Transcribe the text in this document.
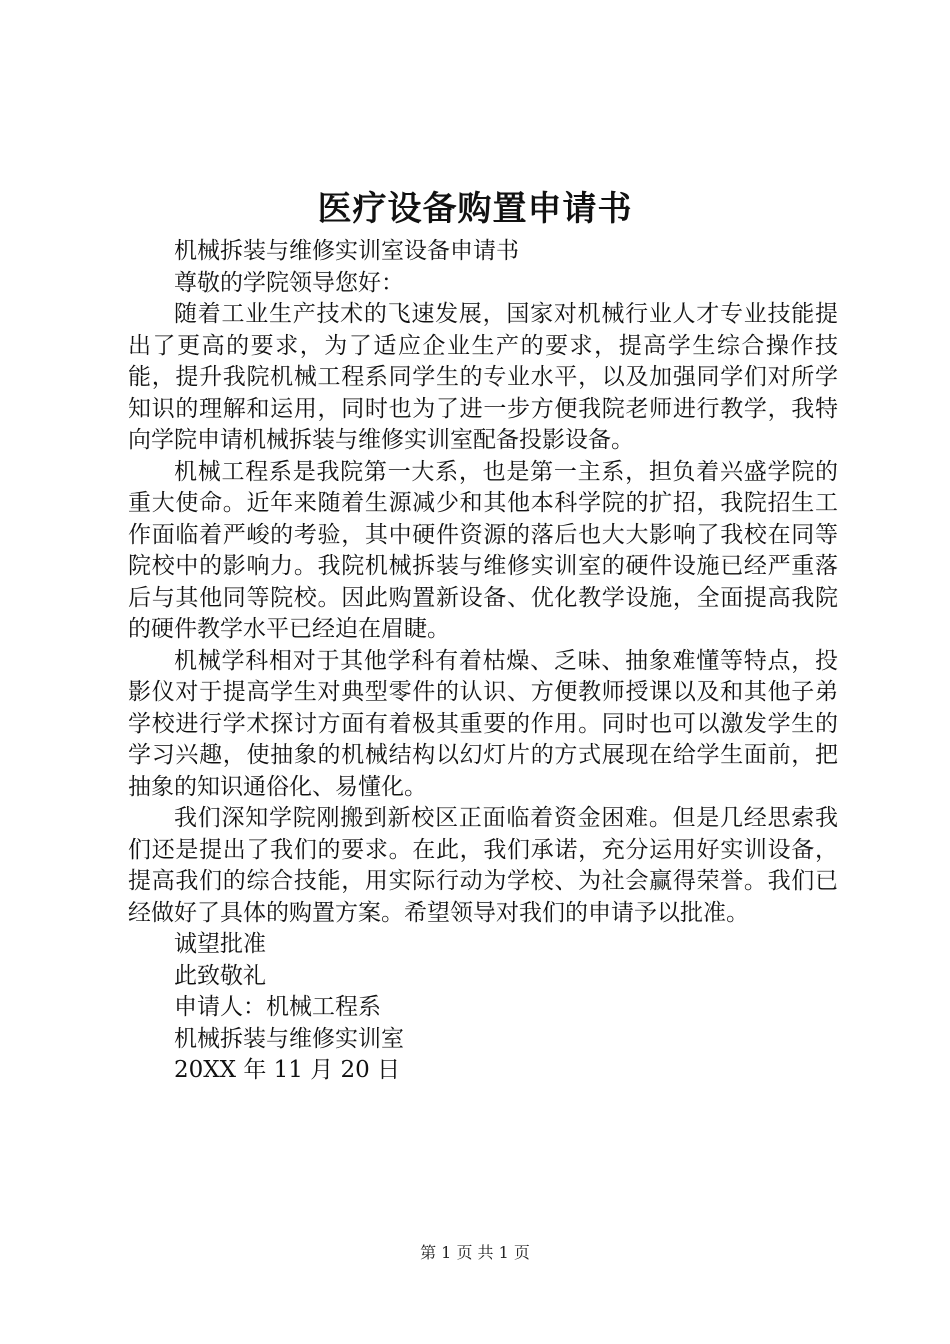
医疗设备购置申请书

机械拆装与维修实训室设备申请书

尊敬的学院领导您好：

随着工业生产技术的飞速发展，国家对机械行业人才专业技能提出了更高的要求，为了适应企业生产的要求，提高学生综合操作技能，提升我院机械工程系同学生的专业水平，以及加强同学们对所学知识的理解和运用，同时也为了进一步方便我院老师进行教学，我特向学院申请机械拆装与维修实训室配备投影设备。

机械工程系是我院第一大系，也是第一主系，担负着兴盛学院的重大使命。近年来随着生源减少和其他本科学院的扩招，我院招生工作面临着严峻的考验，其中硬件资源的落后也大大影响了我校在同等院校中的影响力。我院机械拆装与维修实训室的硬件设施已经严重落后与其他同等院校。因此购置新设备、优化教学设施，全面提高我院的硬件教学水平已经迫在眉睫。

机械学科相对于其他学科有着枯燥、乏味、抽象难懂等特点，投影仪对于提高学生对典型零件的认识、方便教师授课以及和其他子弟学校进行学术探讨方面有着极其重要的作用。同时也可以激发学生的学习兴趣，使抽象的机械结构以幻灯片的方式展现在给学生面前，把抽象的知识通俗化、易懂化。

我们深知学院刚搬到新校区正面临着资金困难。但是几经思索我们还是提出了我们的要求。在此，我们承诺，充分运用好实训设备，提高我们的综合技能，用实际行动为学校、为社会赢得荣誉。我们已经做好了具体的购置方案。希望领导对我们的申请予以批准。

诚望批准

此致敬礼

申请人：机械工程系

机械拆装与维修实训室

20XX 年 11 月 20 日

第 1 页 共 1 页
